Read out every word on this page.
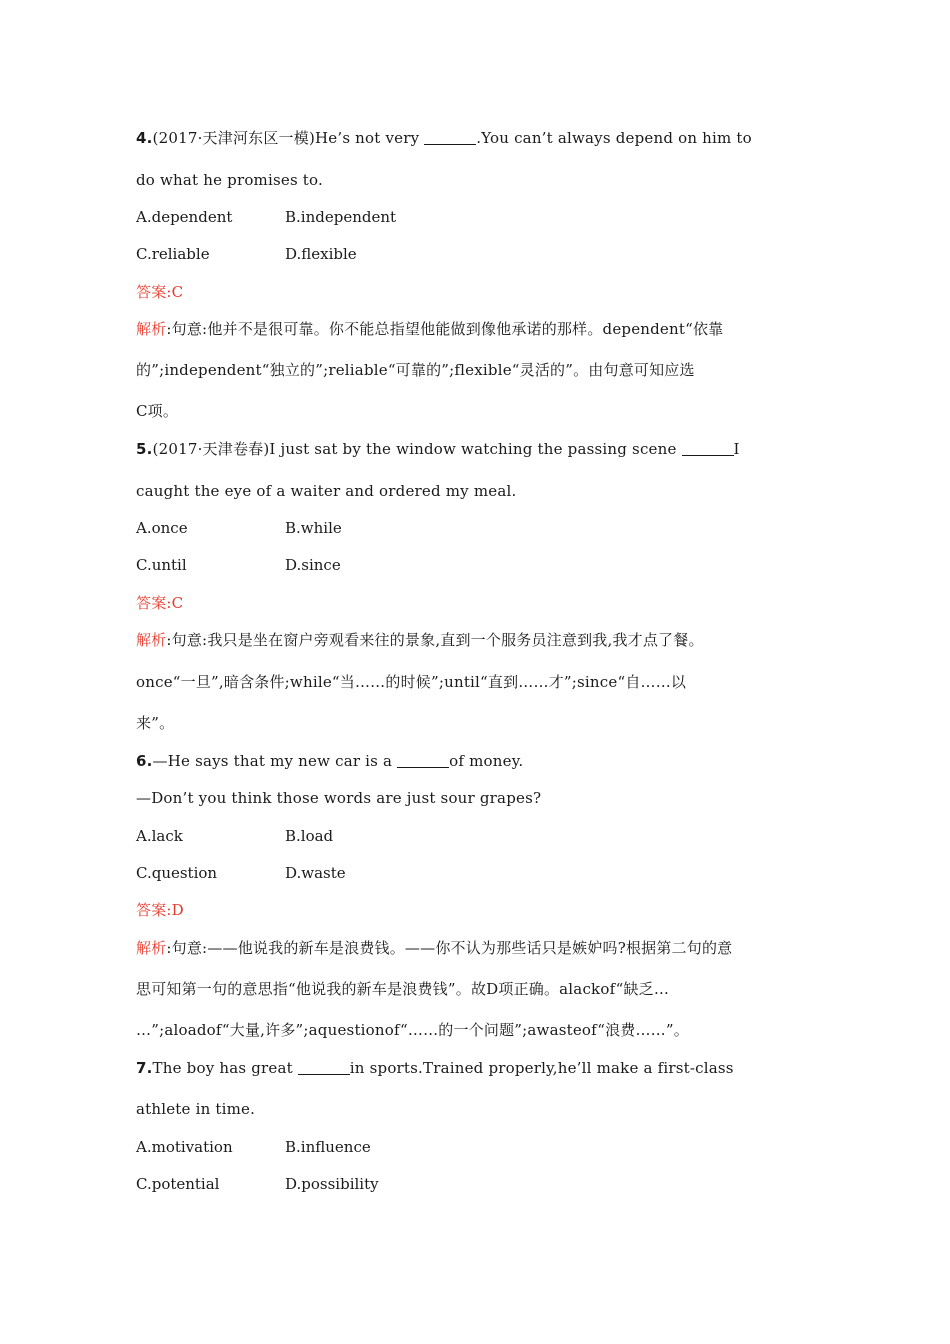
4.(2017·天津河东区一模)He’s not very	.You can’t always depend on him to
do what he promises to.
A.dependent	B.independent
C.reliable	D.flexible
答案:C
解析:句意:他并不是很可靠。你不能总指望他能做到像他承诺的那样。dependent“依靠
的”;independent“独立的”;reliable“可靠的”;flexible“灵活的”。由句意可知应选
C项。
5.(2017·天津卷春)I just sat by the window watching the passing scene	I
caught the eye of a waiter and ordered my meal.
A.once	B.while
C.until	D.since
答案:C
解析:句意:我只是坐在窗户旁观看来往的景象,直到一个服务员注意到我,我才点了餐。
once“一旦”,暗含条件;while“当……的时候”;until“直到……才”;since“自……以
来”。
6.—He says that my new car is a	of money.
—Don’t you think those words are just sour grapes?
A.lack	B.load
C.question	D.waste
答案:D
解析:句意:——他说我的新车是浪费钱。——你不认为那些话只是嫉妒吗?根据第二句的意
思可知第一句的意思指“他说我的新车是浪费钱”。故D项正确。alackof“缺乏…
…”;aloadof“大量,许多”;aquestionof“……的一个问题”;awasteof“浪费……”。
7.The boy has great	in sports.Trained properly,he’ll make a first-class
athlete in time.
A.motivation	B.influence
C.potential	D.possibility
